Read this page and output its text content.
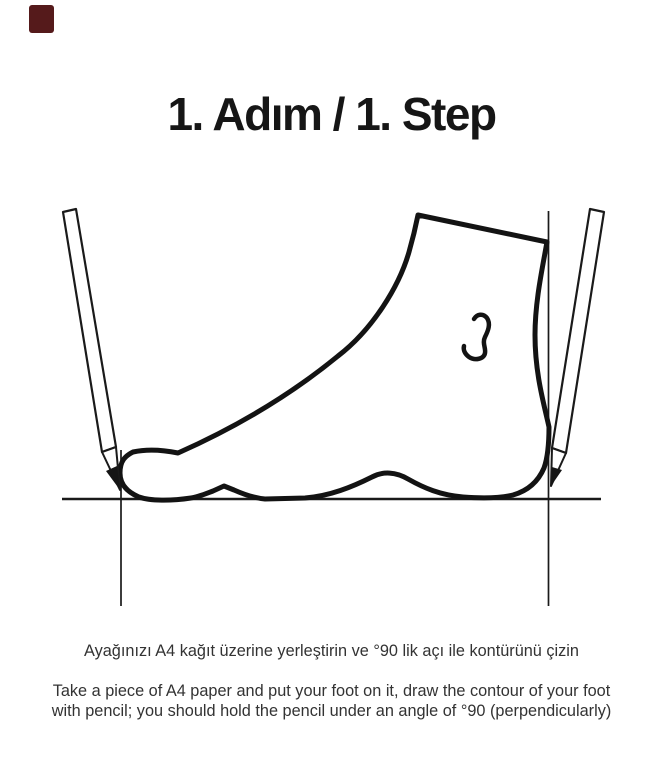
1. Adım / 1. Step
Ayağınızı A4 kağıt üzerine yerleştirin ve °90 lik açı ile kontürünü çizin
Take a piece of A4 paper and put your foot on it, draw the contour of your foot
with pencil; you should hold the pencil under an angle of °90 (perpendicularly)
